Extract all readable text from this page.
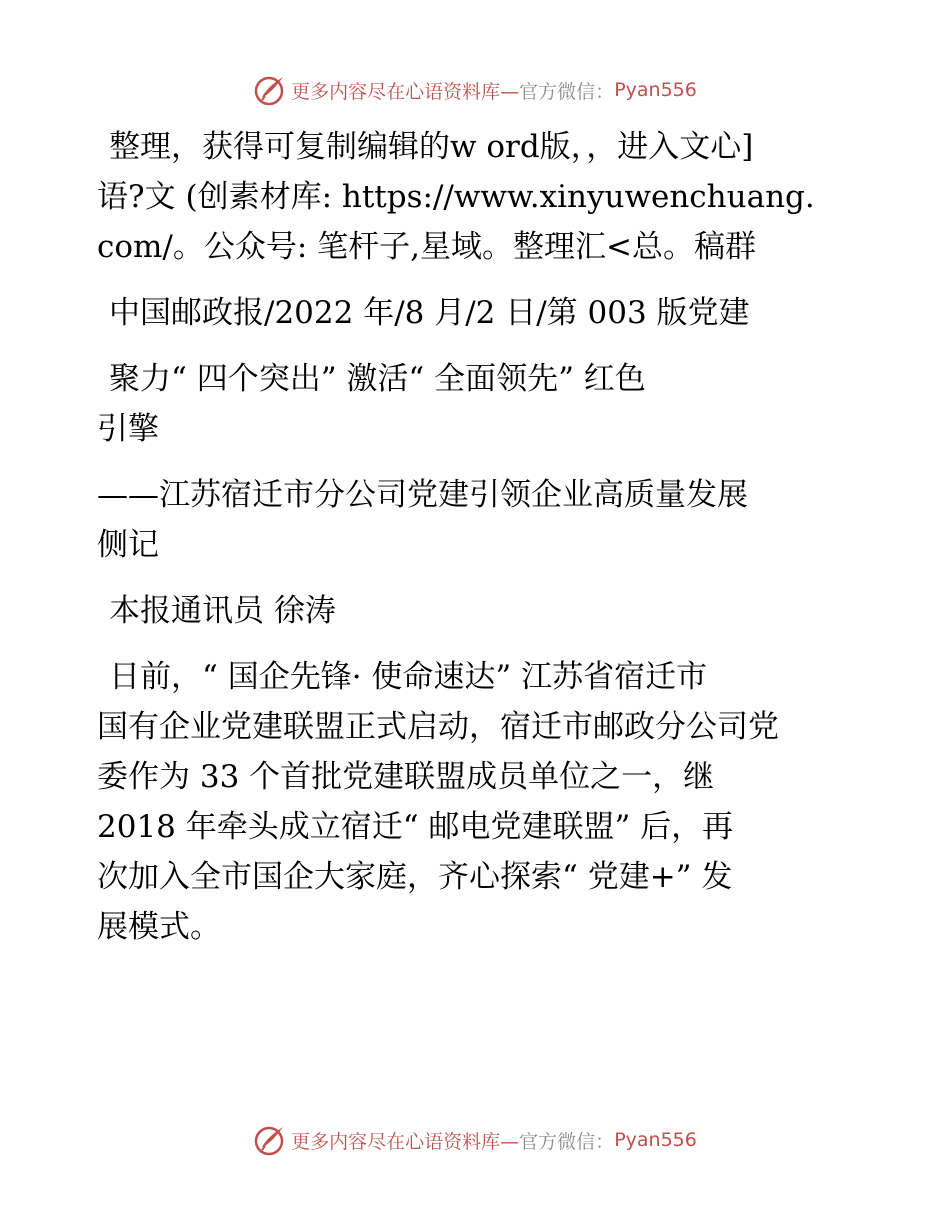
更多内容尽在心语资料库— 官方微信： Pyan556

整理，获得可复制编辑的w ord版，，进入文心]

语?文 (创素材库: https://www.xinyuwenchuang.

com/。公众号: 笔杆子,星域。整理汇<总。稿群

中国邮政报/2022 年/8 月/2 日/第 003 版党建

聚力“ 四个突出” 激活“ 全面领先” 红色

引擎

——江苏宿迁市分公司党建引领企业高质量发展

侧记

本报通讯员 徐涛

日前，“ 国企先锋· 使命速达” 江苏省宿迁市

国有企业党建联盟正式启动，宿迁市邮政分公司党

委作为 33 个首批党建联盟成员单位之一，继

2018 年牵头成立宿迁“ 邮电党建联盟” 后，再

次加入全市国企大家庭，齐心探索“ 党建+” 发

展模式。

更多内容尽在心语资料库— 官方微信： Pyan556
